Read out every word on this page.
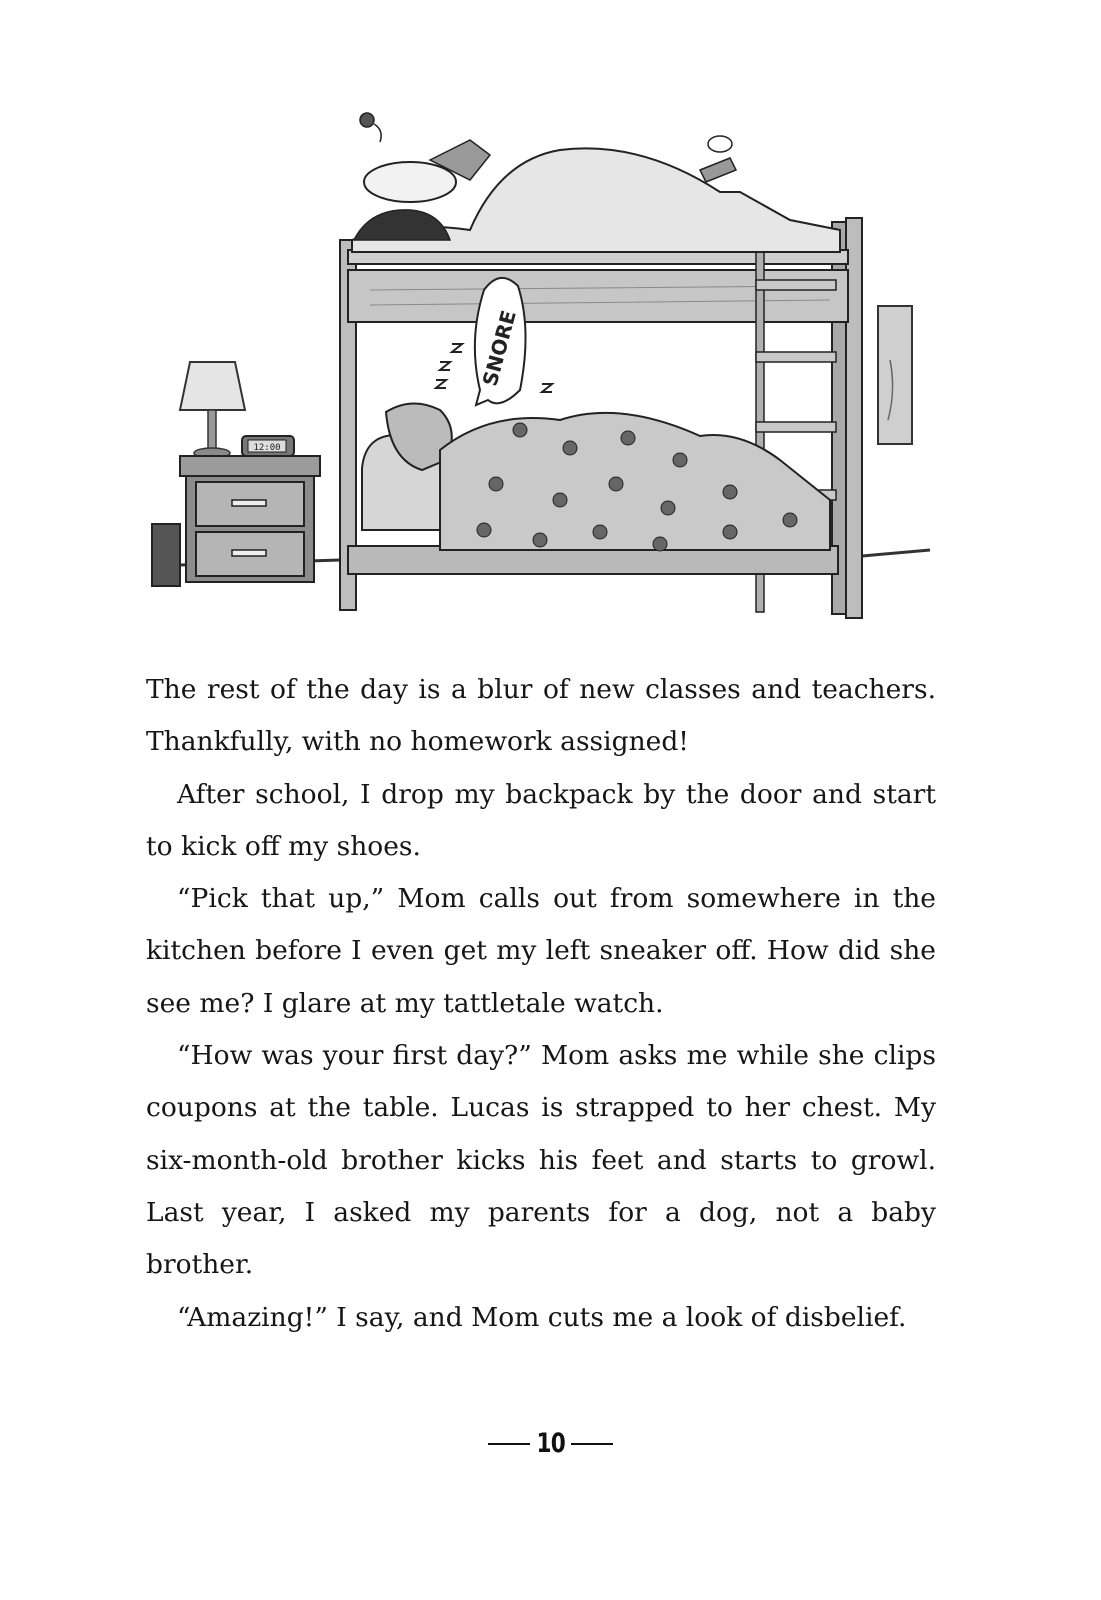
12:00
SNORE

The rest of the day is a blur of new classes and teachers. Thankfully, with no homework assigned!

After school, I drop my backpack by the door and start to kick off my shoes.

“Pick that up,” Mom calls out from somewhere in the kitchen before I even get my left sneaker off. How did she see me? I glare at my tattletale watch.

“How was your first day?” Mom asks me while she clips coupons at the table. Lucas is strapped to her chest. My six-month-old brother kicks his feet and starts to growl. Last year, I asked my parents for a dog, not a baby brother.

“Amazing!” I say, and Mom cuts me a look of disbelief.

10
